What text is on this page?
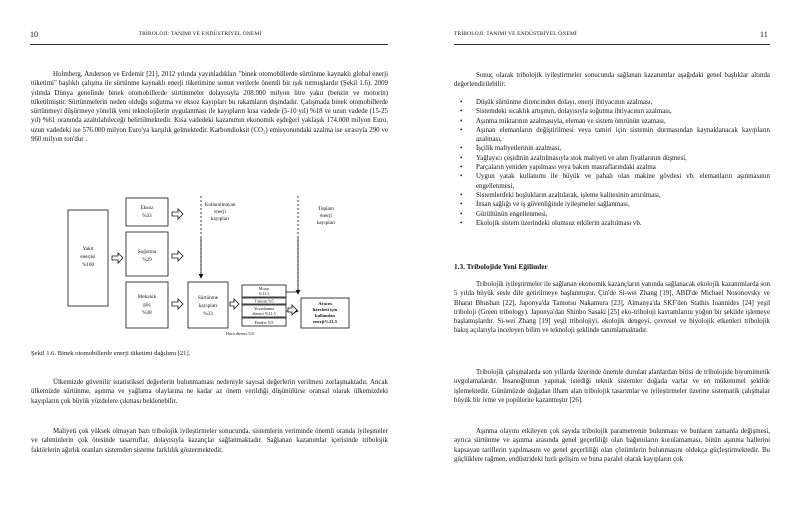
10	TRİBOLOJİ: TANIMI VE ENDÜSTRİYEL ÖNEMİ

Holmberg, Anderson ve Erdemir [21], 2012 yılında yayınladıkları "binek otomobillerde sürtünme kaynaklı global enerji tüketimi" başlıklı çalışma ile sürtünme kaynaklı enerji tüketimine somut verilerle önemli bir ışık tutmuşlardır (Şekil 1.6). 2009 yılında Dünya genelinde binek otomobillerde sürtünmeler dolayısıyla 208.000 milyon litre yakıt (benzin ve motorin) tüketilmiştir. Sürtünmelerin neden olduğu soğutma ve eksoz kayıpları bu rakamların dışındadır. Çalışmada binek otomobillerde sürtünmeyi düşürmeye yönelik yeni teknolojilerin uygulanması ile kayıpların kısa vadede (5-10 yıl) %18 ve uzun vadede (15-25 yıl) %61 oranında azaltılabileceği belirtilmektedir. Kısa vadedeki kazanımın ekonomik eşdeğeri yaklaşık 174.000 milyon Euro, uzun vadedeki ise 576.000 milyon Euro'ya karşılık gelmektedir. Karbondioksit (CO₂) emisyonundaki azalma ise sırasıyla 290 ve 960 milyon ton'dur .

Yakıt
enerjisi
%100
Eksoz
%33
Soğutma
%29
Mekanik
güç
%38
Kullanılmayan
enerji
kayıpları
Toplam
enerji
kayıpları
Sürtünme
kayıpları
%33
Motor
%11.5
Transm.%5
Yuvarlanma
direnci %11.5
Frenler %5
Hava direnci %5
Aracın
hareketi için
kullanılan
enerji%21.5
Şekil 1.6. Binek otomobillerde enerji tüketimi dağılımı [21].

Ülkemizde güvenilir istatistiksel değerlerin bulunmaması nedeniyle sayısal değerlerin verilmesi zorlaşmaktadır. Ancak ülkemizde sürtünme, aşınma ve yağlama olaylarına ne kadar az önem verildiği düşünülürse oransal olarak ülkemizdeki kayıpların çok büyük yüzdelere çıkması beklenebilir.

Maliyeti çok yüksek olmayan bazı tribolojik iyileştirmeler sonucunda, sistemlerin veriminde önemli oranda iyileşmeler ve tahminlerin çok ötesinde tasarruflar, dolayısıyla kazançlar sağlanmaktadır. Sağlanan kazanımlar içerisinde tribolojik faktörlerin ağırlık oranları sistemden sisteme farklılık göstermektedir.

TRİBOLOJİ: TANIMI VE ENDÜSTRİYEL ÖNEMİ	11

Sonuç olarak tribolojik iyileştirmeler sonucunda sağlanan kazanımlar aşağıdaki genel başlıklar altında değerlendirilebilir:

• Düşük sürtünme direncinden dolayı, enerji ihtiyacının azalması,
• Sistemdeki sıcaklık artışının, dolayısıyla soğutma ihtiyacının azalması,
• Aşınma miktarının azalmasıyla, eleman ve sistem ömrünün uzaması,
• Aşınan elemanların değiştirilmesi veya tamiri için sistemin durmasından kaynaklanacak kayıpların azalması,
• İşçilik maliyetlerinin azalması,
• Yağlayıcı çeşidinin azaltılmasıyla stok maliyeti ve alım fiyatlarının düşmesi,
• Parçaların yeniden yapılması veya bakım masraflarındaki azalma
• Uygun yatak kullanımı ile büyük ve pahalı olan makine gövdesi vb. elemanların aşınmasının engellenmesi,
• Sistemlerdeki boşlukların azaltılarak, işleme kalitesinin artırılması,
• İnsan sağlığı ve iş güvenliğinde iyileşmeler sağlanması,
• Gürültünün engellenmesi,
• Ekolojik sistem üzerindeki olumsuz etkilerin azaltılması vb.
1.3. Tribolojide Yeni Eğilimler

Tribolojik iyileştirmeler ile sağlanan ekonomik kazançların yanında sağlanacak ekolojik kazanımlarda son 5 yılda büyük sesle dile getirilmeye başlanmıştır. Çin'de Si-wei Zhang [19], ABD'de Michael Nosonovsky ve Bharat Bhushan [22], Japonya'da Tamotsu Nakamura [23], Almanya'da SKF'den Stathis Ioannides [24] yeşil triboloji (Green tribology). Japonya'dan Shinho Sasaki [25] eko-triboloji kavramlarını yoğun bir şekilde işlemeye başlamışlardır. Si-wei Zhang [19] yeşil tribolojiyi, ekolojik dengeyi, çevresel ve biyolojik etkenleri tribolojik bakış açılarıyla inceleyen bilim ve teknoloji şeklinde tanımlamaktadır.

Tribolojik çalışmalarda son yıllarda üzerinde önemle durulan alanlardan birisi de tribolojide biyomimetik uygulamalardır. İnsanoğlunun yapmak istediği teknik sistemler doğada varlar ve en mükemmel şekilde işlemektedir. Günümüzde doğadan ilham alan tribolojik tasarımlar ve iyileştirmeler üzerine sistematik çalışmalar büyük bir ivme ve popülerite kazanmıştır [26].

Aşınma olayını etkileyen çok sayıda tribolojik parametrenin bulunması ve bunların zamanla değişmesi, ayrıca sürtünme ve aşınma arasında genel geçerliliği olan bağıntıların kurulamaması, bütün aşınma hallerini kapsayan tariflerin yapılmasını ve genel geçerliliği olan çözümlerin bulunmasını oldukça güçleştirmektedir. Bu güçlüklere rağmen, endüstrideki hızlı gelişim ve buna paralel olarak kayıpların çok
